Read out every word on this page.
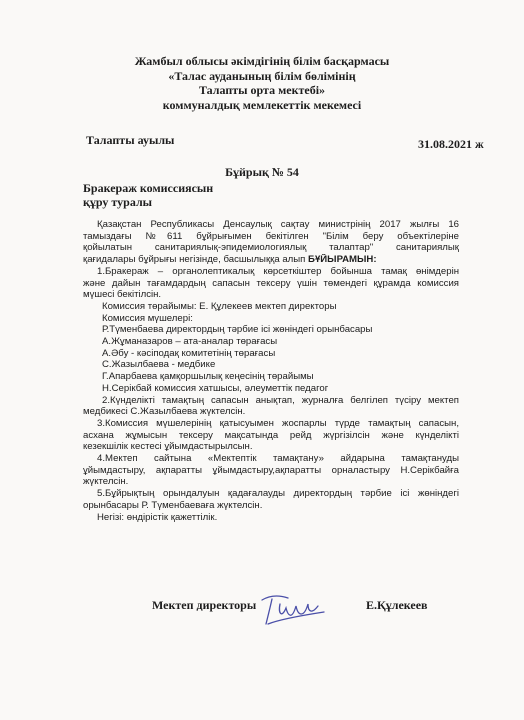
Жамбыл облысы әкімдігінің білім басқармасы
«Талас ауданының білім бөлімінің
Талапты орта мектебі»
коммуналдық мемлекеттік мекемесі
Талапты ауылы	31.08.2021 ж
Бұйрық № 54
Бракераж комиссиясын
құру туралы
Қазақстан Республикасы Денсаулық сақтау министрінің 2017 жылғы 16
тамыздағы №611 бұйрығымен бекітілген "Білім беру объектілеріне
қойылатын санитариялық-эпидемиологиялық талаптар" санитариялық
қағидалары бұйрығы негізінде, басшылыққа алып БҰЙЫРАМЫН:
1.Бракераж – органолептикалық көрсеткіштер бойынша тамақ өнімдерін
және дайын тағамдардың сапасын тексеру үшін төмендегі құрамда комиссия
мүшесі бекітілсін.
Комиссия төрайымы: Е. Құлекеев мектеп директоры
Комиссия мүшелері:
Р.Түменбаева директордың тәрбие ісі жөніндегі орынбасары
А.Жұманазаров – ата-аналар төрағасы
А.Әбу - кәсіподақ комитетінің төрағасы
С.Жазылбаева - медбике
Г.Апарбаева қамқоршылық кеңесінің төрайымы
Н.Серікбай комиссия хатшысы, әлеуметтік педагог
2.Күнделікті тамақтың сапасын анықтап, журналға белгілеп түсіру мектеп
медбикесі С.Жазылбаева жүктелсін.
3.Комиссия мүшелерінің қатысуымен жоспарлы түрде тамақтың сапасын,
асхана жұмысын тексеру мақсатында рейд жүргізілсін және күнделікті
кезекшілік кестесі ұйымдастырылсын.
4.Мектеп сайтына «Мектептік тамақтану» айдарына тамақтануды
ұйымдастыру, ақпаратты ұйымдастыру,ақпаратты орналастыру Н.Серікбайға
жүктелсін.
5.Бұйрықтың орындалуын қадағалауды директордың тәрбие ісі жөніндегі
орынбасары Р. Түменбаеваға жүктелсін.
Негізі: өндірістік қажеттілік.
Мектеп директоры	Е.Құлекеев
